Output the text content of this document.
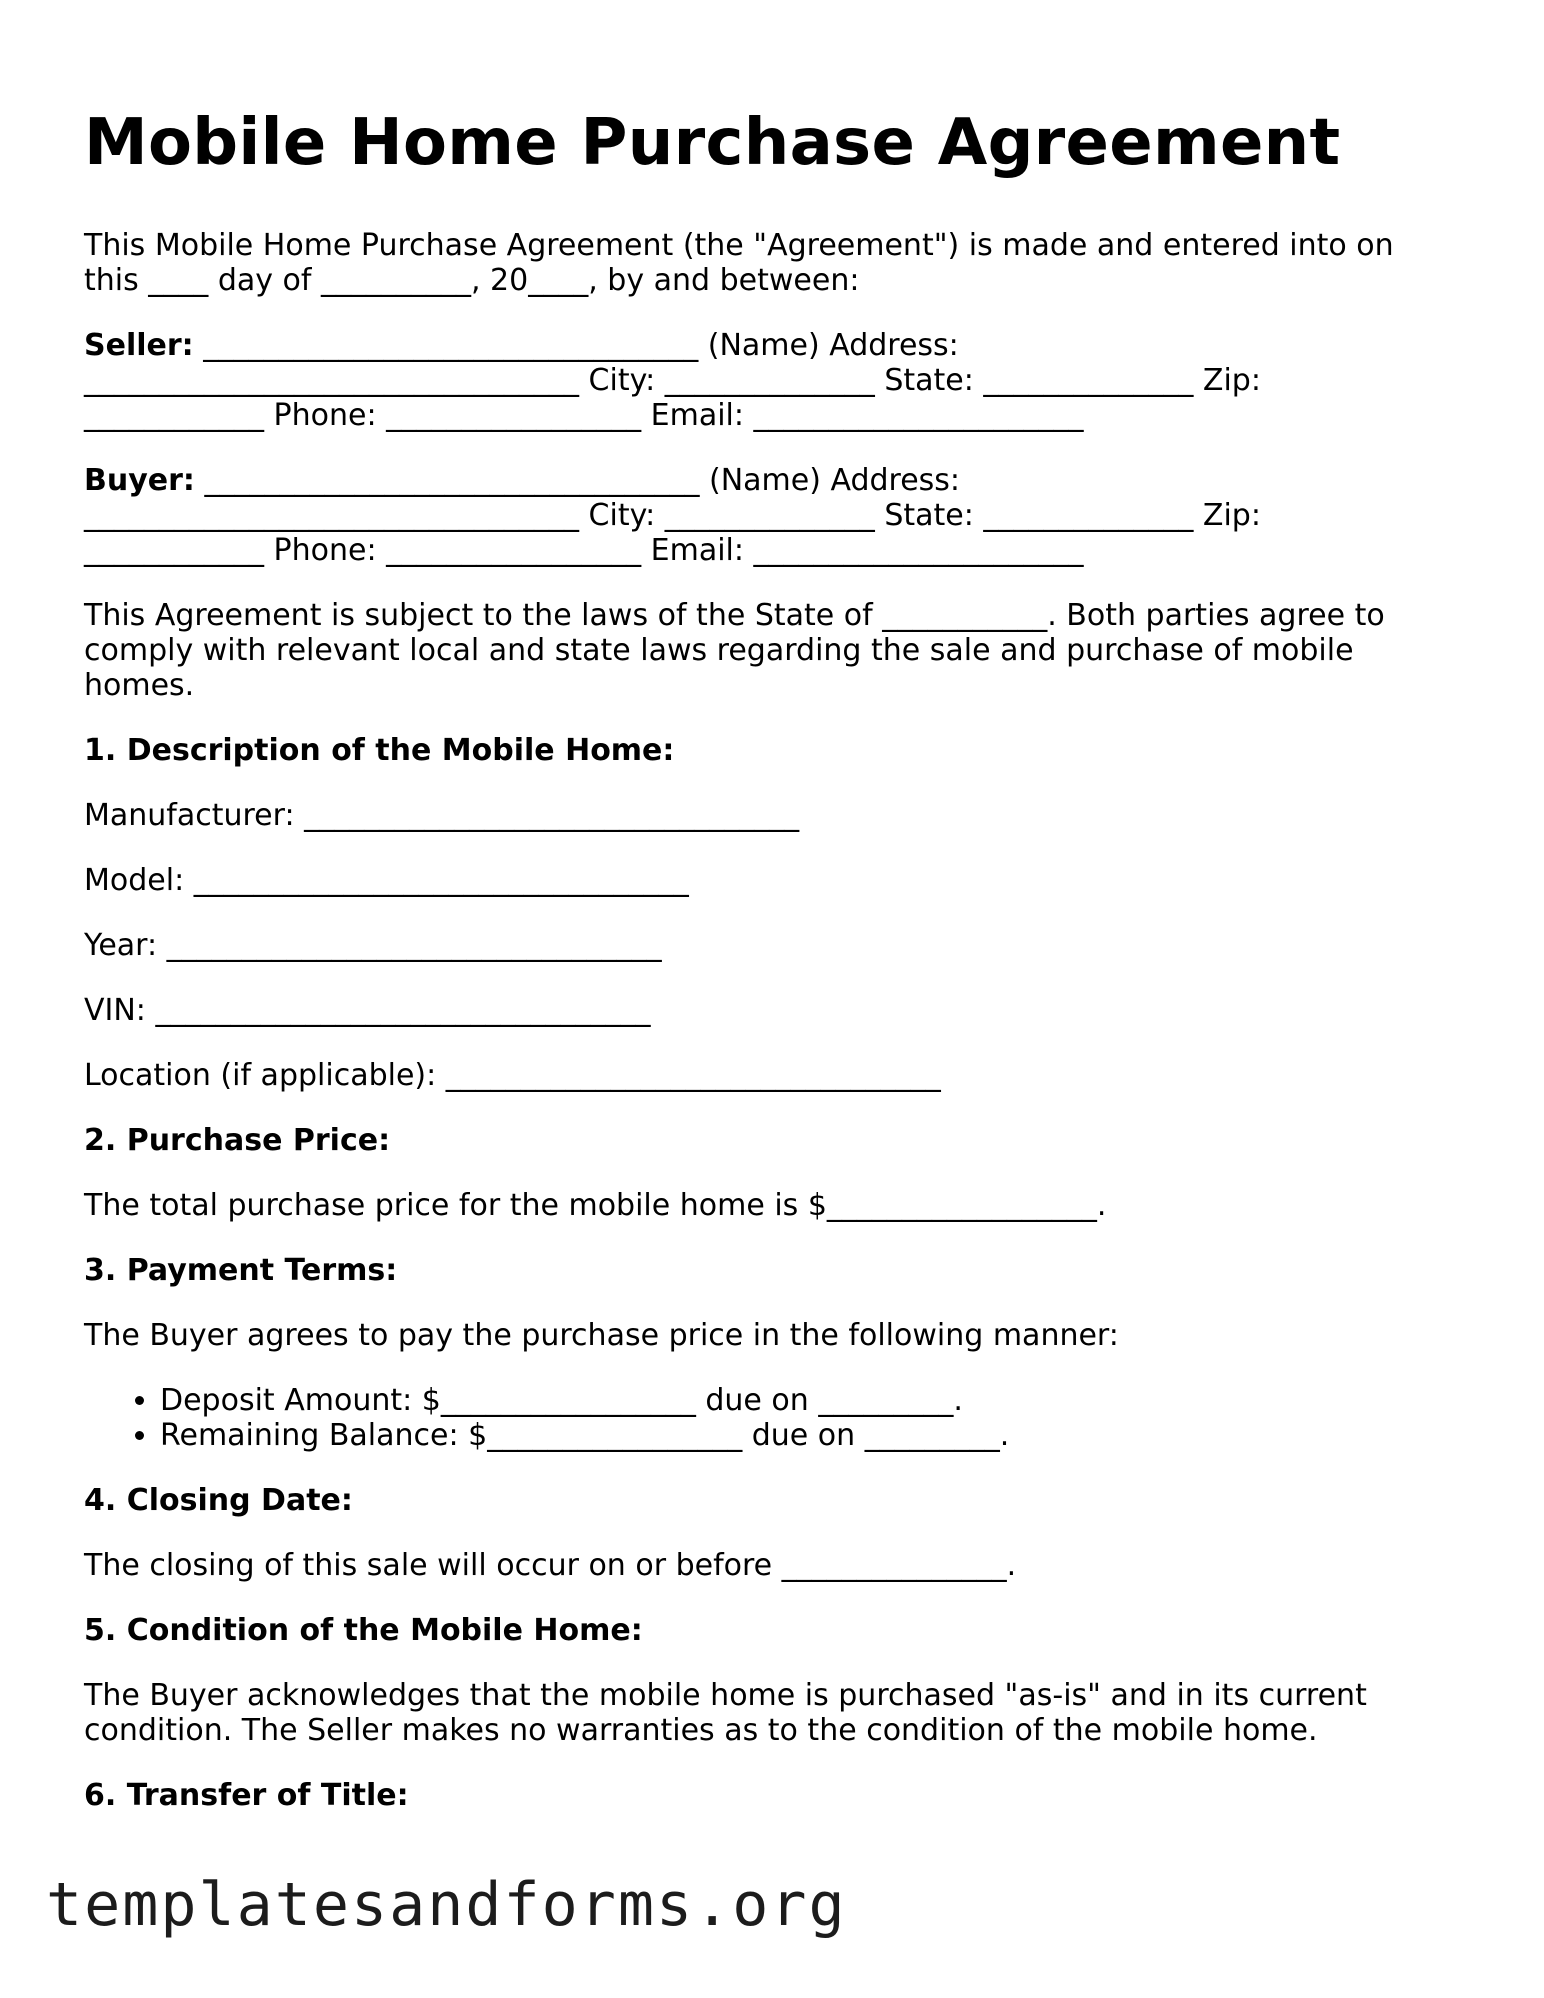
Mobile Home Purchase Agreement

This Mobile Home Purchase Agreement (the "Agreement") is made and entered into on this ____ day of __________, 20____, by and between:

Seller: _________________________________ (Name) Address: _________________________________ City: ______________ State: ______________ Zip: ____________ Phone: _________________ Email: ______________________

Buyer: _________________________________ (Name) Address: _________________________________ City: ______________ State: ______________ Zip: ____________ Phone: _________________ Email: ______________________

This Agreement is subject to the laws of the State of ___________. Both parties agree to comply with relevant local and state laws regarding the sale and purchase of mobile homes.

1. Description of the Mobile Home:

Manufacturer: _________________________________

Model: _________________________________

Year: _________________________________

VIN: _________________________________

Location (if applicable): _________________________________

2. Purchase Price:

The total purchase price for the mobile home is $__________________.

3. Payment Terms:

The Buyer agrees to pay the purchase price in the following manner:

• Deposit Amount: $_________________ due on _________.
• Remaining Balance: $_________________ due on _________.

4. Closing Date:

The closing of this sale will occur on or before _______________.

5. Condition of the Mobile Home:

The Buyer acknowledges that the mobile home is purchased "as-is" and in its current condition. The Seller makes no warranties as to the condition of the mobile home.

6. Transfer of Title:

templatesandforms.org
